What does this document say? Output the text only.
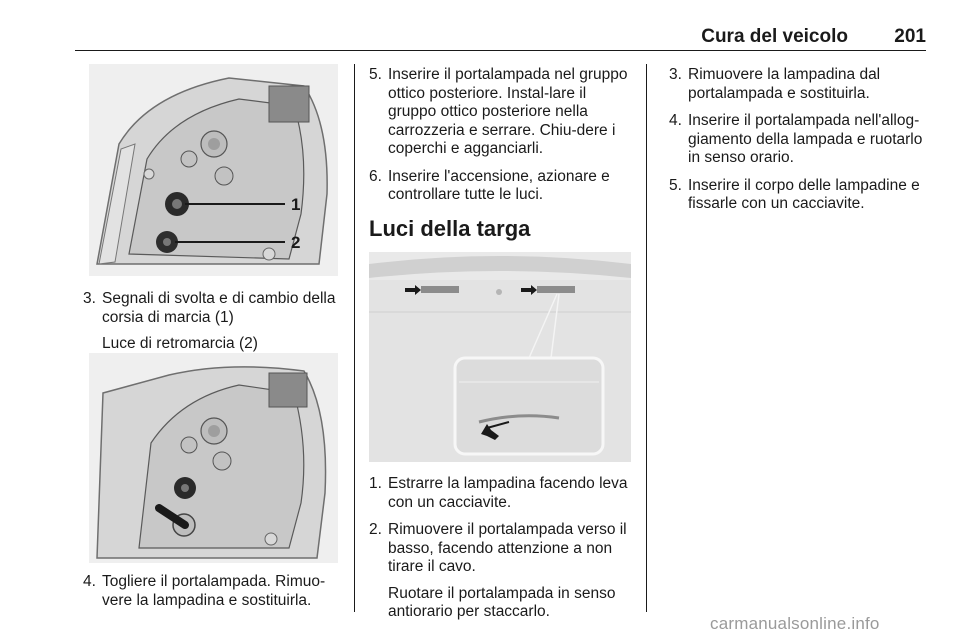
Cura del veicolo 201
1
2
3. Segnali di svolta e di cambio della corsia di marcia (1)
Luce di retromarcia (2)
4. Togliere il portalampada. Rimuo-vere la lampadina e sostituirla.
5. Inserire il portalampada nel gruppo ottico posteriore. Instal-lare il gruppo ottico posteriore nella carrozzeria e serrare. Chiu-dere i coperchi e agganciarli.
6. Inserire l'accensione, azionare e controllare tutte le luci.
Luci della targa
1. Estrarre la lampadina facendo leva con un cacciavite.
2. Rimuovere il portalampada verso il basso, facendo attenzione a non tirare il cavo.
Ruotare il portalampada in senso antiorario per staccarlo.
3. Rimuovere la lampadina dal portalampada e sostituirla.
4. Inserire il portalampada nell'allog-giamento della lampada e ruotarlo in senso orario.
5. Inserire il corpo delle lampadine e fissarle con un cacciavite.
carmanualsonline.info
